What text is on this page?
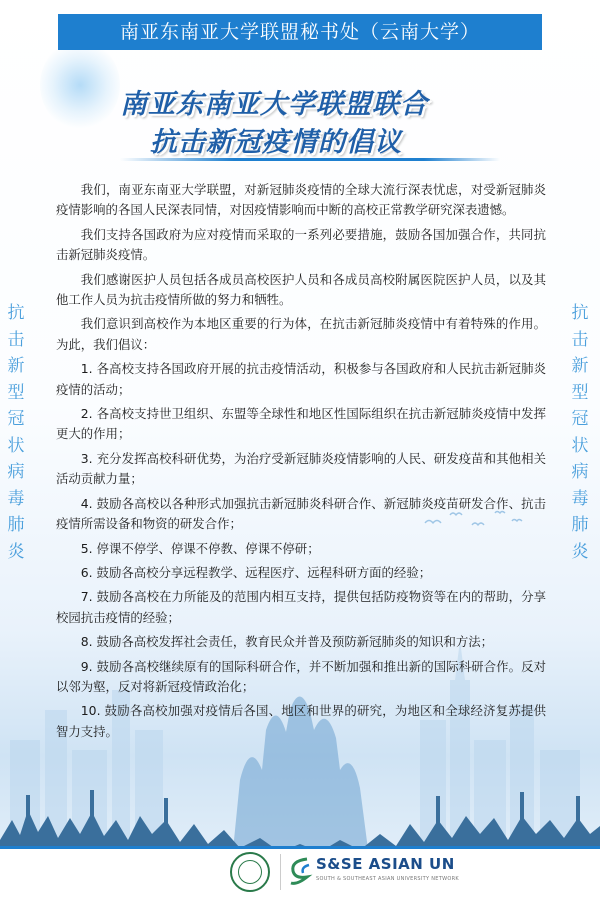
南亚东南亚大学联盟秘书处（云南大学）
南亚东南亚大学联盟联合
抗击新冠疫情的倡议
抗击新型冠状病毒肺炎
抗击新型冠状病毒肺炎

我们，南亚东南亚大学联盟，对新冠肺炎疫情的全球大流行深表忧虑，对受新冠肺炎疫情影响的各国人民深表同情，对因疫情影响而中断的高校正常教学研究深表遗憾。

我们支持各国政府为应对疫情而采取的一系列必要措施，鼓励各国加强合作，共同抗击新冠肺炎疫情。

我们感谢医护人员包括各成员高校医护人员和各成员高校附属医院医护人员，以及其他工作人员为抗击疫情所做的努力和牺牲。

我们意识到高校作为本地区重要的行为体，在抗击新冠肺炎疫情中有着特殊的作用。为此，我们倡议：

1. 各高校支持各国政府开展的抗击疫情活动，积极参与各国政府和人民抗击新冠肺炎疫情的活动；

2. 各高校支持世卫组织、东盟等全球性和地区性国际组织在抗击新冠肺炎疫情中发挥更大的作用；

3. 充分发挥高校科研优势，为治疗受新冠肺炎疫情影响的人民、研发疫苗和其他相关活动贡献力量；

4. 鼓励各高校以各种形式加强抗击新冠肺炎科研合作、新冠肺炎疫苗研发合作、抗击疫情所需设备和物资的研发合作；

5. 停课不停学、停课不停教、停课不停研；

6. 鼓励各高校分享远程教学、远程医疗、远程科研方面的经验；

7. 鼓励各高校在力所能及的范围内相互支持，提供包括防疫物资等在内的帮助，分享校园抗击疫情的经验；

8. 鼓励各高校发挥社会责任，教育民众并普及预防新冠肺炎的知识和方法；

9. 鼓励各高校继续原有的国际科研合作，并不断加强和推出新的国际科研合作。反对以邻为壑，反对将新冠疫情政治化；

10. 鼓励各高校加强对疫情后各国、地区和世界的研究，为地区和全球经济复苏提供智力支持。

S&SE ASIAN UN
SOUTH & SOUTHEAST ASIAN UNIVERSITY NETWORK
